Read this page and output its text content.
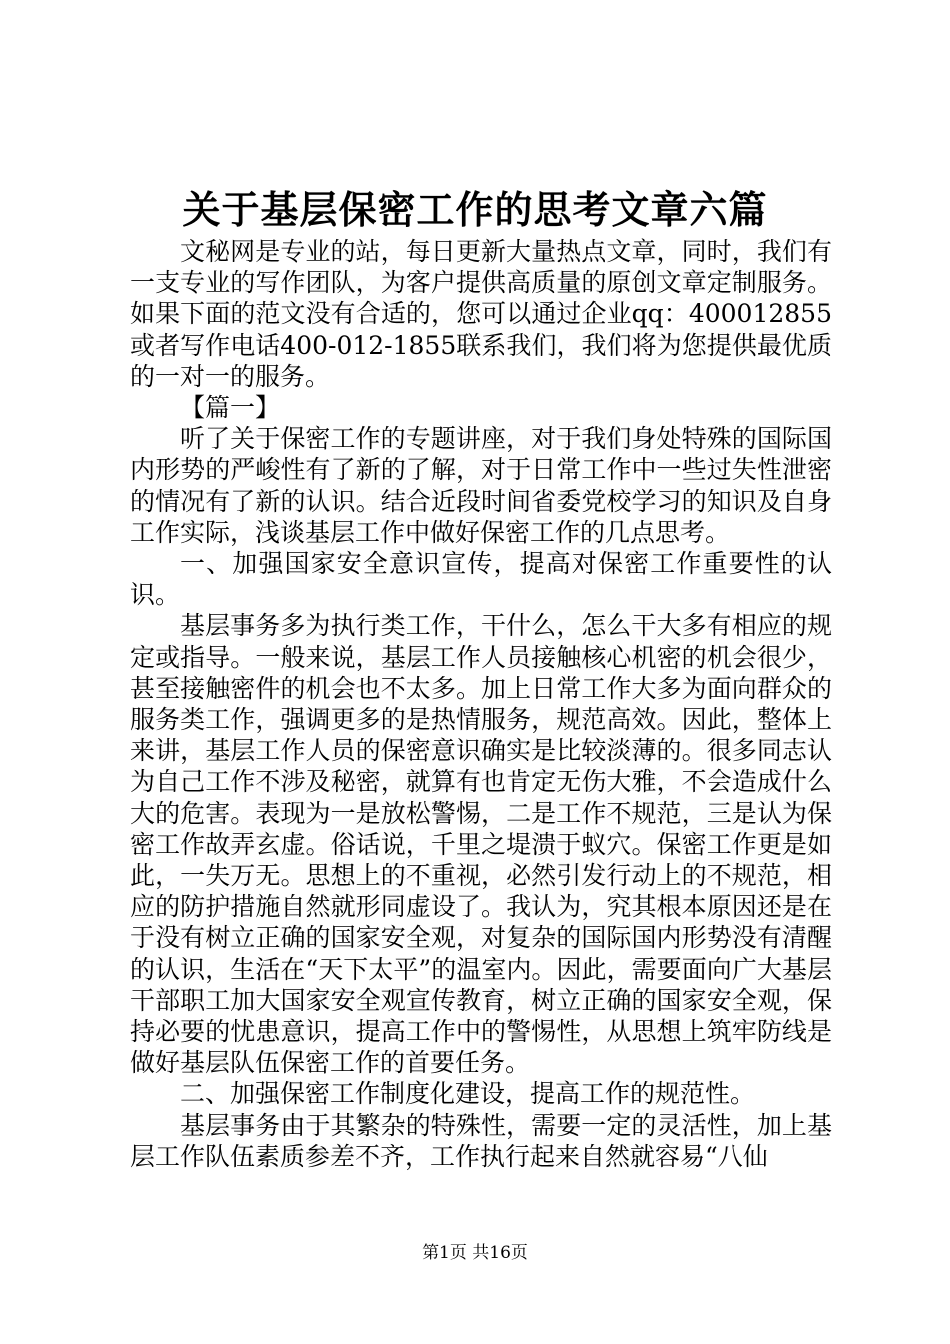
关于基层保密工作的思考文章六篇

文秘网是专业的站，每日更新大量热点文章，同时，我们有一支专业的写作团队，为客户提供高质量的原创文章定制服务。如果下面的范文没有合适的，您可以通过企业qq：400012855或者写作电话400-012-1855联系我们，我们将为您提供最优质的一对一的服务。

【篇一】

听了关于保密工作的专题讲座，对于我们身处特殊的国际国内形势的严峻性有了新的了解，对于日常工作中一些过失性泄密的情况有了新的认识。结合近段时间省委党校学习的知识及自身工作实际，浅谈基层工作中做好保密工作的几点思考。

一、加强国家安全意识宣传，提高对保密工作重要性的认识。

基层事务多为执行类工作，干什么，怎么干大多有相应的规定或指导。一般来说，基层工作人员接触核心机密的机会很少，甚至接触密件的机会也不太多。加上日常工作大多为面向群众的服务类工作，强调更多的是热情服务，规范高效。因此，整体上来讲，基层工作人员的保密意识确实是比较淡薄的。很多同志认为自己工作不涉及秘密，就算有也肯定无伤大雅，不会造成什么大的危害。表现为一是放松警惕，二是工作不规范，三是认为保密工作故弄玄虚。俗话说，千里之堤溃于蚁穴。保密工作更是如此，一失万无。思想上的不重视，必然引发行动上的不规范，相应的防护措施自然就形同虚设了。我认为，究其根本原因还是在于没有树立正确的国家安全观，对复杂的国际国内形势没有清醒的认识，生活在“天下太平”的温室内。因此，需要面向广大基层干部职工加大国家安全观宣传教育，树立正确的国家安全观，保持必要的忧患意识，提高工作中的警惕性，从思想上筑牢防线是做好基层队伍保密工作的首要任务。

二、加强保密工作制度化建设，提高工作的规范性。

基层事务由于其繁杂的特殊性，需要一定的灵活性，加上基层工作队伍素质参差不齐，工作执行起来自然就容易“八仙

第1页 共16页
